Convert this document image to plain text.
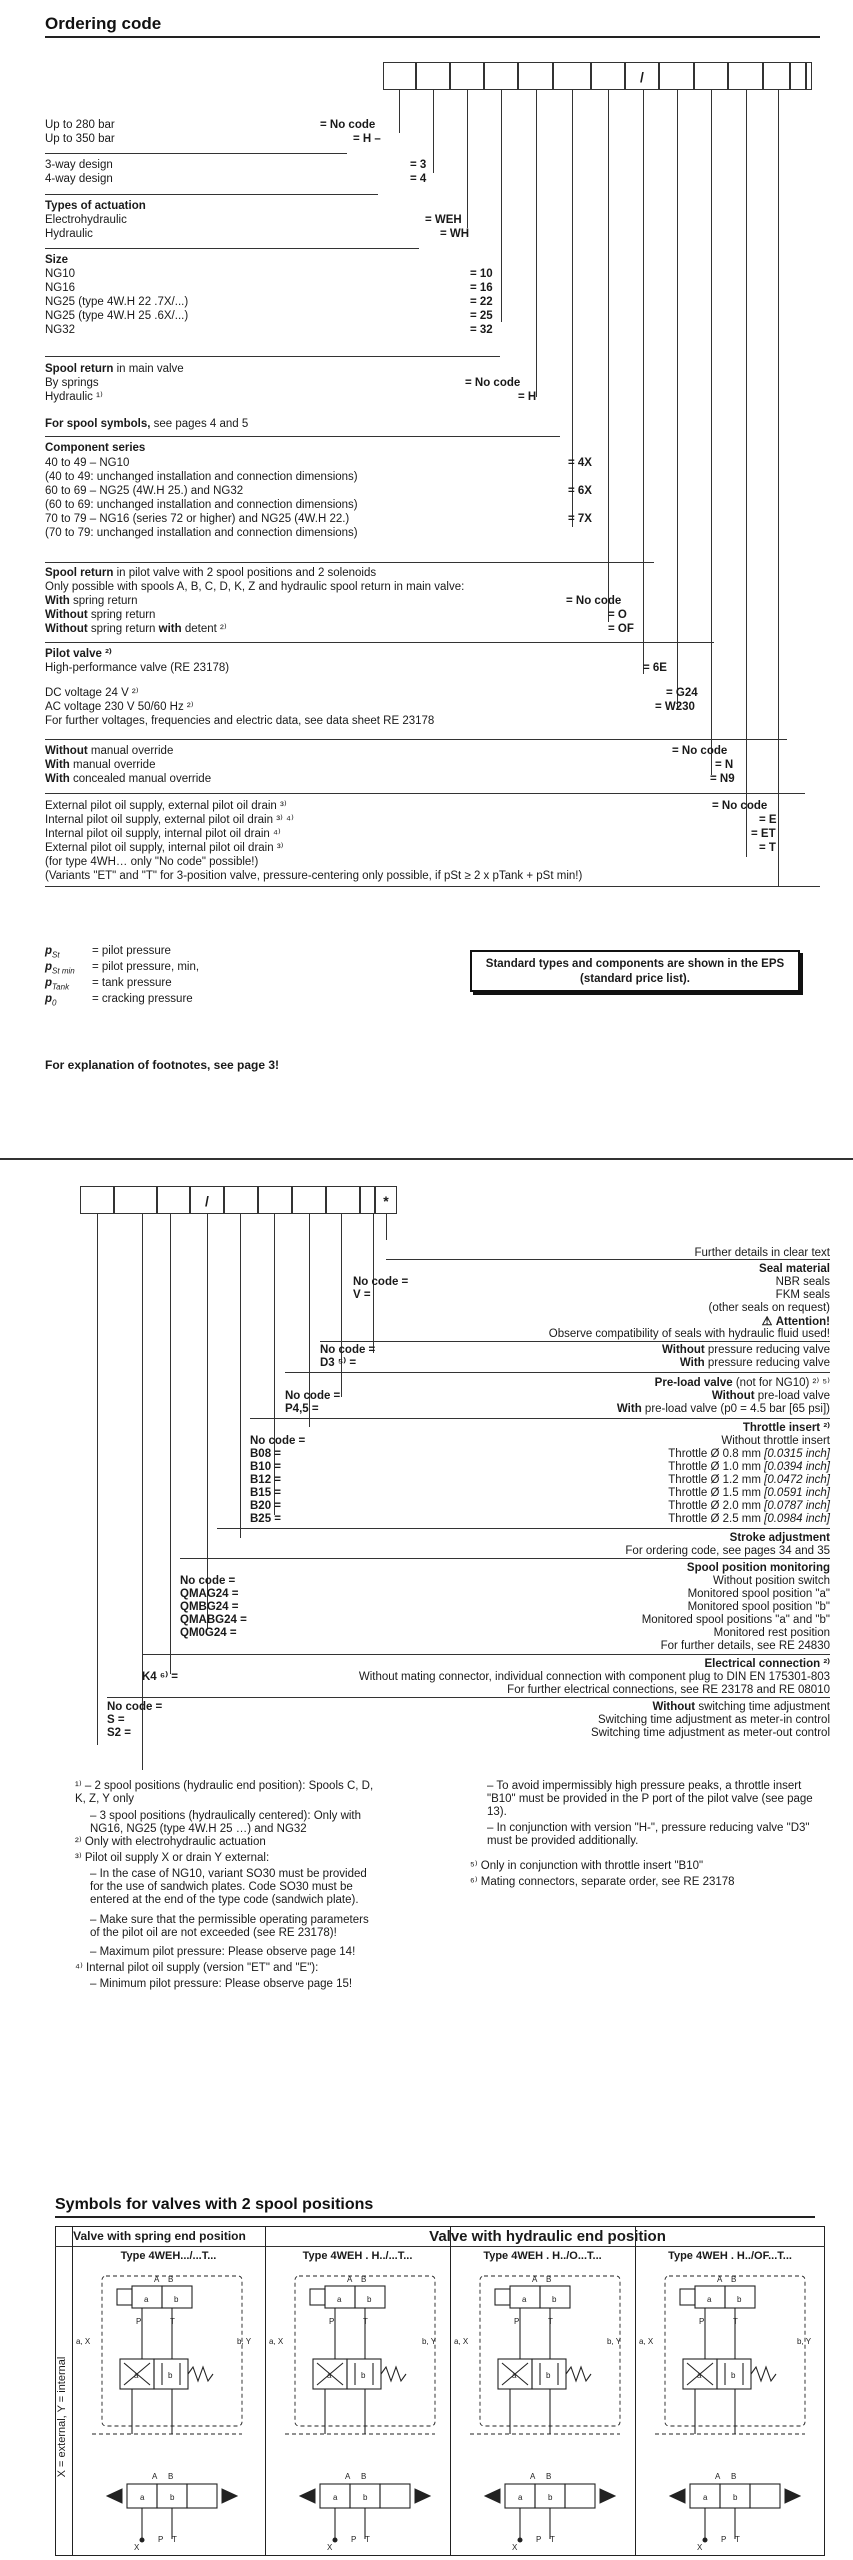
Ordering code
/
Up to 280 bar	= No code
Up to 350 bar	= H –
3-way design	= 3
4-way design	= 4
Types of actuation
Electrohydraulic	= WEH
Hydraulic	= WH
Size
NG10	= 10
NG16	= 16
NG25 (type 4W.H 22 .7X/...)	= 22
NG25 (type 4W.H 25 .6X/...)	= 25
NG32	= 32
Spool return in main valve
By springs	= No code
Hydraulic ¹⁾	= H
For spool symbols, see pages 4 and 5
Component series
40 to 49 – NG10	= 4X
(40 to 49: unchanged installation and connection dimensions)
60 to 69 – NG25 (4W.H 25.) and NG32	= 6X
(60 to 69: unchanged installation and connection dimensions)
70 to 79 – NG16 (series 72 or higher) and NG25 (4W.H 22.)	= 7X
(70 to 79: unchanged installation and connection dimensions)
Spool return in pilot valve with 2 spool positions and 2 solenoids
Only possible with spools A, B, C, D, K, Z and hydraulic spool return in main valve:
With spring return	= No code
Without spring return	= O
Without spring return with detent ²⁾	= OF
Pilot valve ²⁾
High-performance valve (RE 23178)	= 6E
DC voltage 24 V ²⁾	= G24
AC voltage 230 V 50/60 Hz ²⁾	= W230
For further voltages, frequencies and electric data, see data sheet RE 23178
Without manual override	= No code
With manual override	= N
With concealed manual override	= N9
External pilot oil supply, external pilot oil drain ³⁾	= No code
Internal pilot oil supply, external pilot oil drain ³⁾ ⁴⁾	= E
Internal pilot oil supply, internal pilot oil drain ⁴⁾	= ET
External pilot oil supply, internal pilot oil drain ³⁾	= T
(for type 4WH… only "No code" possible!)
(Variants "ET" and "T" for 3-position valve, pressure-centering only possible, if pSt ≥ 2 x pTank + pSt min!)
$p_{St}$	= pilot pressure
$p_{St min}$ = pilot pressure, min,
$p_{Tank} = \tan k$ pressure
$p_0$	= cracking pressure
Standard types and components are shown in the EPS (standard price list).
For explanation of footnotes, see page 3!
/	*
Further details in clear text
Seal material
No code =	NBR seals
V =	FKM seals
(other seals on request)
⚠ Attention!
Observe compatibility of seals with hydraulic fluid used!
No code =	Without pressure reducing valve
D3 ⁵⁾ =	With pressure reducing valve
Pre-load valve (not for NG10) ²⁾ ⁵⁾
No code =	Without pre-load valve
P4,5 =	With pre-load valve (p0 = 4.5 bar [65 psi])
Throttle insert ²⁾
No code =	Without throttle insert
B08 =	Throttle Ø 0.8 mm [0.0315 inch]
B10 =	Throttle Ø 1.0 mm [0.0394 inch]
B12 =	Throttle Ø 1.2 mm [0.0472 inch]
B15 =	Throttle Ø 1.5 mm [0.0591 inch]
B20 =	Throttle Ø 2.0 mm [0.0787 inch]
B25 =	Throttle Ø 2.5 mm [0.0984 inch]
Stroke adjustment
For ordering code, see pages 34 and 35
Spool position monitoring
No code =	Without position switch
QMAG24 =	Monitored spool position "a"
QMBG24 =	Monitored spool position "b"
QMABG24 =	Monitored spool positions "a" and "b"
QM0G24 =	Monitored rest position
For further details, see RE 24830
Electrical connection ²⁾
K4 ⁶⁾ =	Without mating connector, individual connection with component plug to DIN EN 175301-803
For further electrical connections, see RE 23178 and RE 08010
No code =	Without switching time adjustment
S =	Switching time adjustment as meter-in control
S2 =	Switching time adjustment as meter-out control
¹⁾ – 2 spool positions (hydraulic end position): Spools C, D, K, Z, Y only
– 3 spool positions (hydraulically centered): Only with NG16, NG25 (type 4W.H 25 …) and NG32
²⁾ Only with electrohydraulic actuation
³⁾ Pilot oil supply X or drain Y external:
– In the case of NG10, variant SO30 must be provided for the use of sandwich plates. Code SO30 must be entered at the end of the type code (sandwich plate).
– Make sure that the permissible operating parameters of the pilot oil are not exceeded (see RE 23178)!
– Maximum pilot pressure: Please observe page 14!
⁴⁾ Internal pilot oil supply (version "ET" and "E"):
– Minimum pilot pressure: Please observe page 15!
– To avoid impermissibly high pressure peaks, a throttle insert "B10" must be provided in the P port of the pilot valve (see page 13).
– In conjunction with version "H-", pressure reducing valve "D3" must be provided additionally.
⁵⁾ Only in conjunction with throttle insert "B10"
⁶⁾ Mating connectors, separate order, see RE 23178
Symbols for valves with 2 spool positions
Valve with spring end position	Valve with hydraulic end position
Type 4WEH.../...T...	Type 4WEH . H../...T...	Type 4WEH . H../O...T...	Type 4WEH . H../OF...T...
X = external, Y = internal
A B
a	b
a	b
P	T
A B
a	b
P T
X
a, X	b, Y
A B
a	b
a	b
P	T
A B
a	b
P T
X
a, X	b, Y
A B
a	b
a	b
P	T
A B
a	b
P T
X
a, X	b, Y
A B
a	b
a	b
P	T
A B
a	b
P T
X
a, X	b, Y
